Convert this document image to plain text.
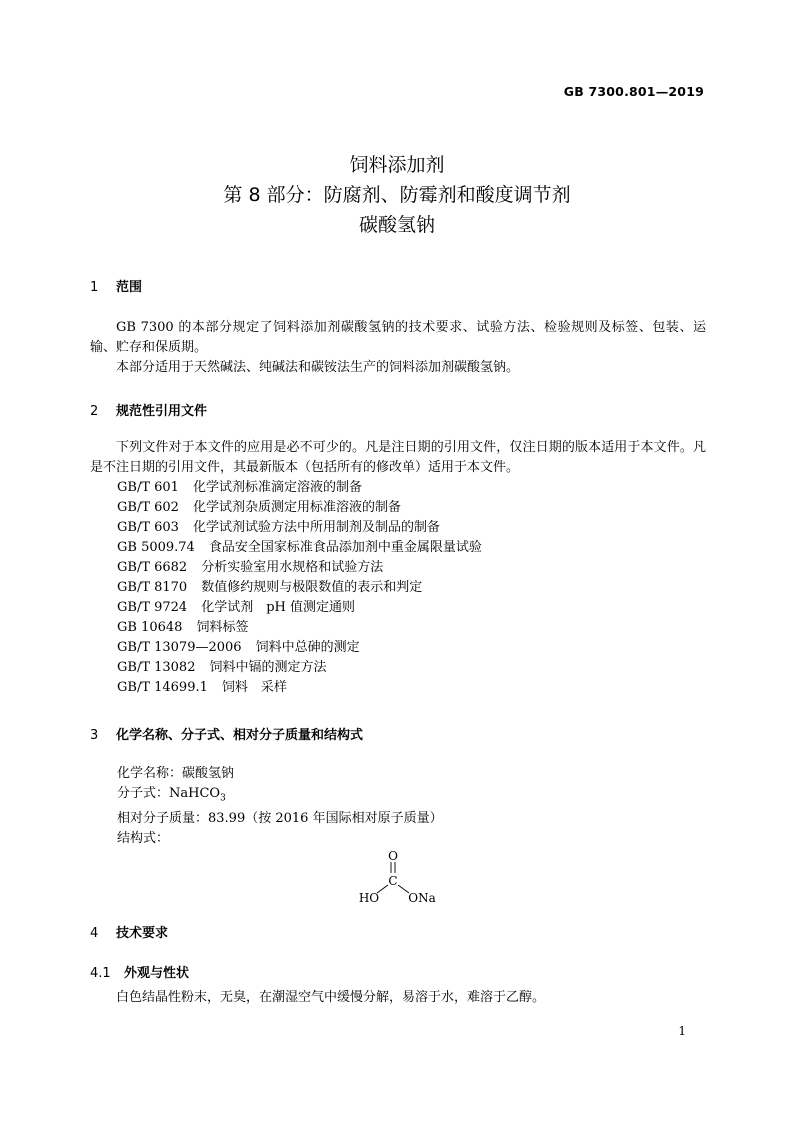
GB 7300.801—2019
饲料添加剂
第 8 部分：防腐剂、防霉剂和酸度调节剂
碳酸氢钠
1 范围
GB 7300 的本部分规定了饲料添加剂碳酸氢钠的技术要求、试验方法、检验规则及标签、包装、运输、贮存和保质期。
本部分适用于天然碱法、纯碱法和碳铵法生产的饲料添加剂碳酸氢钠。
2 规范性引用文件
下列文件对于本文件的应用是必不可少的。凡是注日期的引用文件，仅注日期的版本适用于本文件。凡是不注日期的引用文件，其最新版本（包括所有的修改单）适用于本文件。
GB/T 601 化学试剂标准滴定溶液的制备
GB/T 602 化学试剂杂质测定用标准溶液的制备
GB/T 603 化学试剂试验方法中所用制剂及制品的制备
GB 5009.74 食品安全国家标准食品添加剂中重金属限量试验
GB/T 6682 分析实验室用水规格和试验方法
GB/T 8170 数值修约规则与极限数值的表示和判定
GB/T 9724 化学试剂　pH 值测定通则
GB 10648 饲料标签
GB/T 13079—2006 饲料中总砷的测定
GB/T 13082 饲料中镉的测定方法
GB/T 14699.1 饲料　采样
3 化学名称、分子式、相对分子质量和结构式
化学名称：碳酸氢钠
分子式：NaHCO$_3$
相对分子质量：83.99（按 2016 年国际相对原子质量）
结构式：
O
C
HO ONa
4 技术要求
4.1 外观与性状
白色结晶性粉末，无臭，在潮湿空气中缓慢分解，易溶于水，难溶于乙醇。
1
